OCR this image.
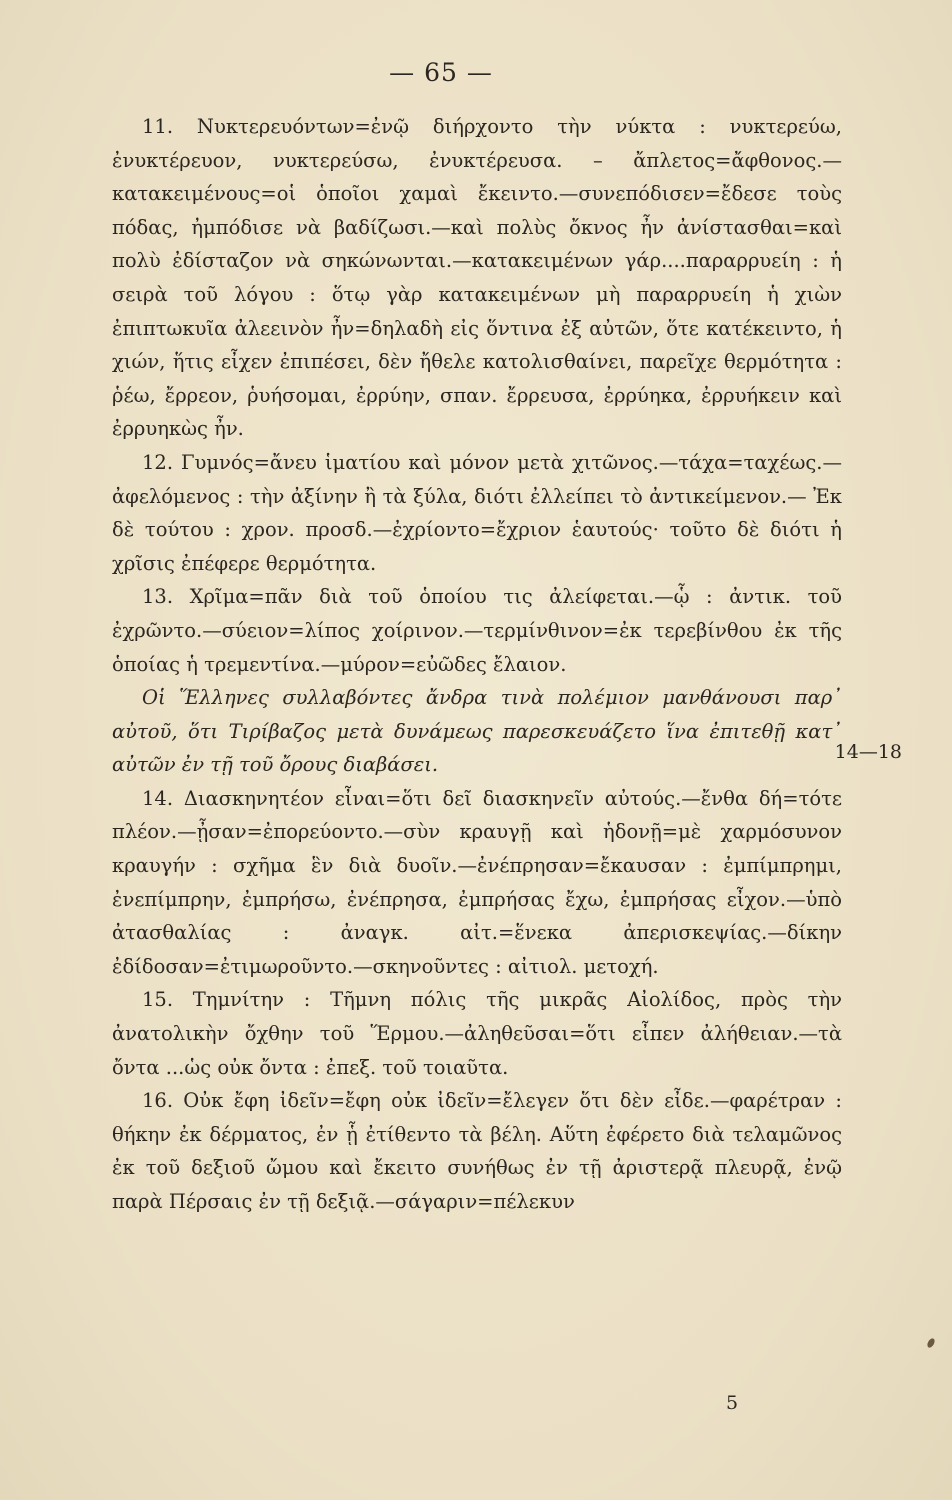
— 65 —

11. Νυκτερευόντων=ἐνῷ διήρχοντο τὴν νύκτα : νυκτερεύω, ἐνυκτέρευον, νυκτερεύσω, ἐνυκτέρευσα. – ἄπλετος=ἄφθονος.—κατακειμένους=οἱ ὁποῖοι χαμαὶ ἔκειντο.—συνεπόδισεν=ἔδεσε τοὺς πόδας, ἠμπόδισε νὰ βαδίζωσι.—καὶ πολὺς ὄκνος ἦν ἀνίστασθαι=καὶ πολὺ ἐδίσταζον νὰ σηκώνωνται.—κατακειμένων γάρ....παραρρυείη : ἡ σειρὰ τοῦ λόγου : ὅτῳ γὰρ κατακειμένων μὴ παραρρυείη ἡ χιὼν ἐπιπτωκυῖα ἀλεεινὸν ἦν=δηλαδὴ εἰς ὅντινα ἐξ αὐτῶν, ὅτε κατέκειντο, ἡ χιών, ἥτις εἶχεν ἐπιπέσει, δὲν ἤθελε κατολισθαίνει, παρεῖχε θερμότητα : ῥέω, ἔρρεον, ῥυήσομαι, ἐρρύην, σπαν. ἔρρευσα, ἐρρύηκα, ἐρρυήκειν καὶ ἐρρυηκὼς ἦν.

12. Γυμνός=ἄνευ ἱματίου καὶ μόνον μετὰ χιτῶνος.—τάχα=ταχέως.—ἀφελόμενος : τὴν ἀξίνην ἢ τὰ ξύλα, διότι ἐλλείπει τὸ ἀντικείμενον.— Ἐκ δὲ τούτου : χρον. προσδ.—ἐχρίοντο=ἔχριον ἑαυτούς· τοῦτο δὲ διότι ἡ χρῖσις ἐπέφερε θερμότητα.

13. Χρῖμα=πᾶν διὰ τοῦ ὁποίου τις ἀλείφεται.—ᾧ : ἀντικ. τοῦ ἐχρῶντο.—σύειον=λίπος χοίρινον.—τερμίνθινον=ἐκ τερεβίνθου ἐκ τῆς ὁποίας ἡ τρεμεντίνα.—μύρον=εὐῶδες ἔλαιον.

Οἱ Ἕλληνες συλλαβόντες ἄνδρα τινὰ πολέμιον μανθάνουσι παρ᾽ αὐτοῦ, ὅτι Τιρίβαζος μετὰ δυνάμεως παρεσκευάζετο ἵνα ἐπιτεθῇ κατ᾽ αὐτῶν ἐν τῇ τοῦ ὄρους διαβάσει.

14. Διασκηνητέον εἶναι=ὅτι δεῖ διασκηνεῖν αὐτούς.—ἔνθα δή=τότε πλέον.—ᾖσαν=ἐπορεύοντο.—σὺν κραυγῇ καὶ ἡδονῇ=μὲ χαρμόσυνον κραυγήν : σχῆμα ἓν διὰ δυοῖν.—ἐνέπρησαν=ἔκαυσαν : ἐμπίμπρημι, ἐνεπίμπρην, ἐμπρήσω, ἐνέπρησα, ἐμπρήσας ἔχω, ἐμπρήσας εἶχον.—ὑπὸ ἀτασθαλίας : ἀναγκ. αἰτ.=ἕνεκα ἀπερισκεψίας.—δίκην ἐδίδοσαν=ἐτιμωροῦντο.—σκηνοῦντες : αἰτιολ. μετοχή.

15. Τημνίτην : Τῆμνη πόλις τῆς μικρᾶς Αἰολίδος, πρὸς τὴν ἀνατολικὴν ὄχθην τοῦ Ἕρμου.—ἀληθεῦσαι=ὅτι εἶπεν ἀλήθειαν.—τὰ ὄντα ...ὡς οὐκ ὄντα : ἐπεξ. τοῦ τοιαῦτα.

16. Οὐκ ἔφη ἰδεῖν=ἔφη οὐκ ἰδεῖν=ἔλεγεν ὅτι δὲν εἶδε.—φαρέτραν : θήκην ἐκ δέρματος, ἐν ᾗ ἐτίθεντο τὰ βέλη. Αὕτη ἐφέρετο διὰ τελαμῶνος ἐκ τοῦ δεξιοῦ ὤμου καὶ ἔκειτο συνήθως ἐν τῇ ἀριστερᾷ πλευρᾷ, ἐνῷ παρὰ Πέρσαις ἐν τῇ δεξιᾷ.—σάγαριν=πέλεκυν

14—18
5
